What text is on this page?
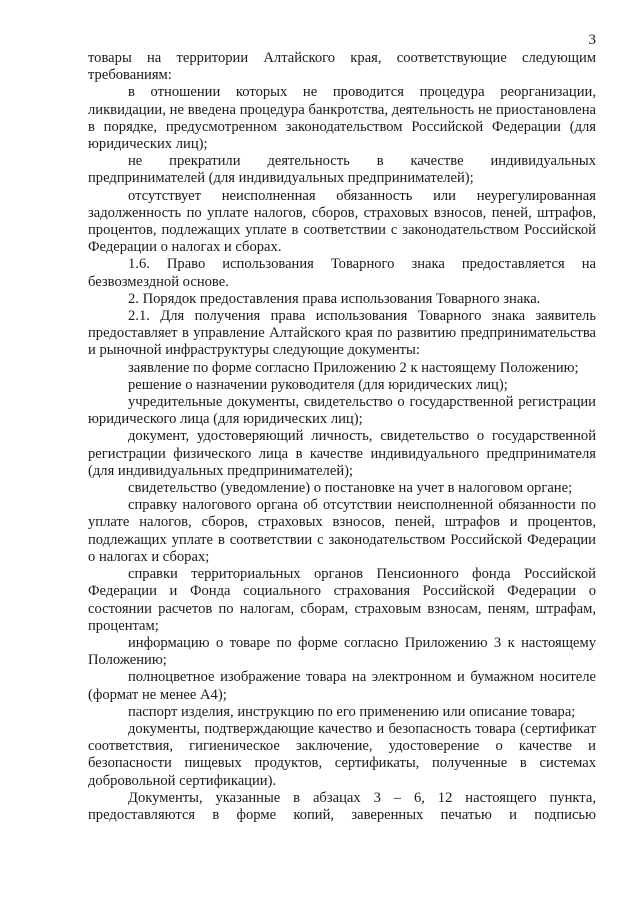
3

товары на территории Алтайского края, соответствующие следующим требованиям:

в отношении которых не проводится процедура реорганизации, ликвидации, не введена процедура банкротства, деятельность не приостановлена в порядке, предусмотренном законодательством Российской Федерации (для юридических лиц);

не прекратили деятельность в качестве индивидуальных предпринимателей (для индивидуальных предпринимателей);

отсутствует неисполненная обязанность или неурегулированная задолженность по уплате налогов, сборов, страховых взносов, пеней, штрафов, процентов, подлежащих уплате в соответствии с законодательством Российской Федерации о налогах и сборах.

1.6. Право использования Товарного знака предоставляется на безвозмездной основе.

2. Порядок предоставления права использования Товарного знака.

2.1. Для получения права использования Товарного знака заявитель предоставляет в управление Алтайского края по развитию предпринимательства и рыночной инфраструктуры следующие документы:

заявление по форме согласно Приложению 2 к настоящему Положению;

решение о назначении руководителя (для юридических лиц);

учредительные документы, свидетельство о государственной регистрации юридического лица (для юридических лиц);

документ, удостоверяющий личность, свидетельство о государственной регистрации физического лица в качестве индивидуального предпринимателя (для индивидуальных предпринимателей);

свидетельство (уведомление) о постановке на учет в налоговом органе;

справку налогового органа об отсутствии неисполненной обязанности по уплате налогов, сборов, страховых взносов, пеней, штрафов и процентов, подлежащих уплате в соответствии с законодательством Российской Федерации о налогах и сборах;

справки территориальных органов Пенсионного фонда Российской Федерации и Фонда социального страхования Российской Федерации о состоянии расчетов по налогам, сборам, страховым взносам, пеням, штрафам, процентам;

информацию о товаре по форме согласно Приложению 3 к настоящему Положению;

полноцветное изображение товара на электронном и бумажном носителе (формат не менее А4);

паспорт изделия, инструкцию по его применению или описание товара;

документы, подтверждающие качество и безопасность товара (сертификат соответствия, гигиеническое заключение, удостоверение о качестве и безопасности пищевых продуктов, сертификаты, полученные в системах добровольной сертификации).

Документы, указанные в абзацах 3 – 6, 12 настоящего пункта, предоставляются в форме копий, заверенных печатью и подписью
